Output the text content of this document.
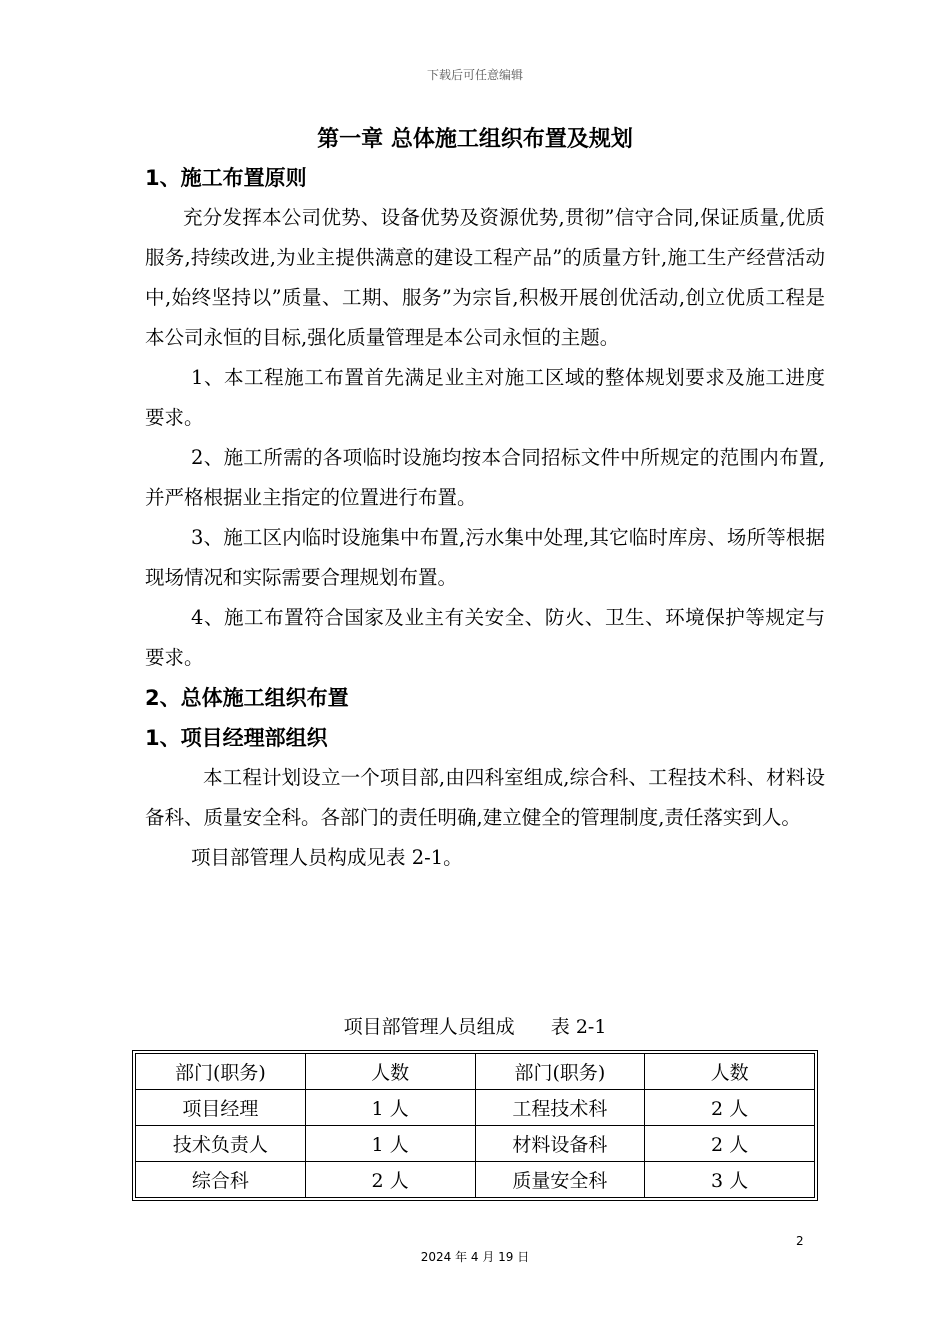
下载后可任意编辑
第一章 总体施工组织布置及规划

1、施工布置原则

充分发挥本公司优势、设备优势及资源优势,贯彻”信守合同,保证质量,优质服务,持续改进,为业主提供满意的建设工程产品”的质量方针,施工生产经营活动中,始终坚持以”质量、工期、服务”为宗旨,积极开展创优活动,创立优质工程是本公司永恒的目标,强化质量管理是本公司永恒的主题。

1、本工程施工布置首先满足业主对施工区域的整体规划要求及施工进度要求。

2、施工所需的各项临时设施均按本合同招标文件中所规定的范围内布置,并严格根据业主指定的位置进行布置。

3、施工区内临时设施集中布置,污水集中处理,其它临时库房、场所等根据现场情况和实际需要合理规划布置。

4、施工布置符合国家及业主有关安全、防火、卫生、环境保护等规定与要求。

2、总体施工组织布置

1、项目经理部组织

本工程计划设立一个项目部,由四科室组成,综合科、工程技术科、材料设备科、质量安全科。各部门的责任明确,建立健全的管理制度,责任落实到人。

项目部管理人员构成见表 2-1。

项目部管理人员组成      表 2-1
部门(职务)	人数	部门(职务)	人数
项目经理	1 人	工程技术科	2 人
技术负责人	1 人	材料设备科	2 人
综合科	2 人	质量安全科	3 人
2
2024 年 4 月 19 日
